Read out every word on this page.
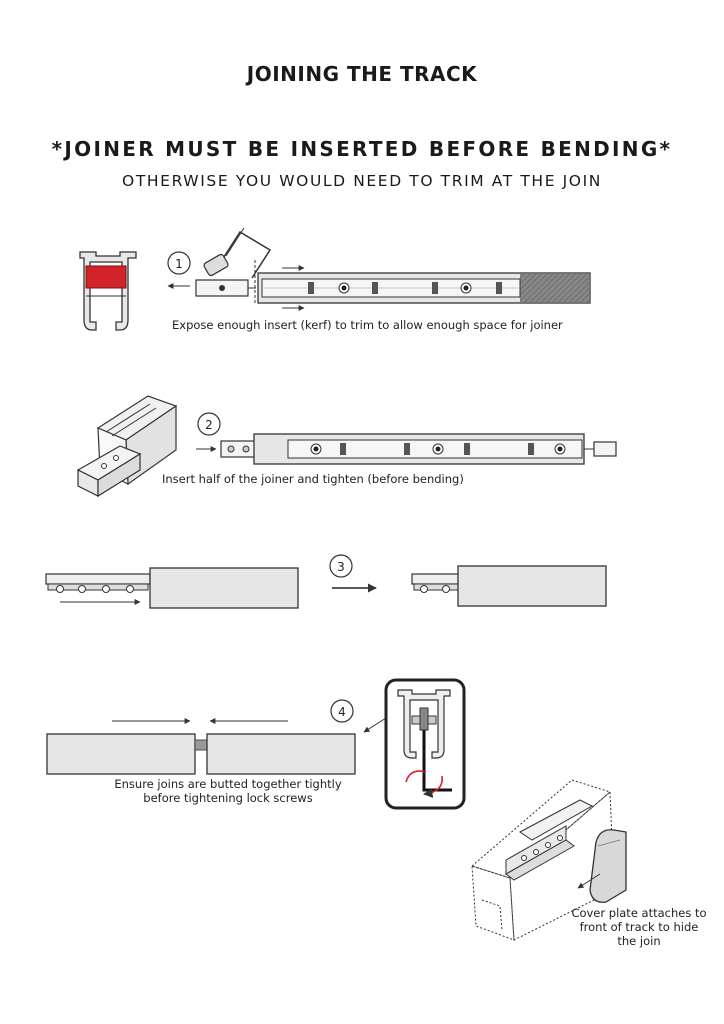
JOINING THE TRACK
*JOINER MUST BE INSERTED BEFORE BENDING*
OTHERWISE YOU WOULD NEED TO TRIM AT THE JOIN
1
2
3
4
Expose enough insert (kerf) to trim to allow enough space for joiner
Insert half of the joiner and tighten (before bending)
Ensure joins are butted together tightly
before tightening lock screws
Cover plate attaches to
front of track to hide
the join
